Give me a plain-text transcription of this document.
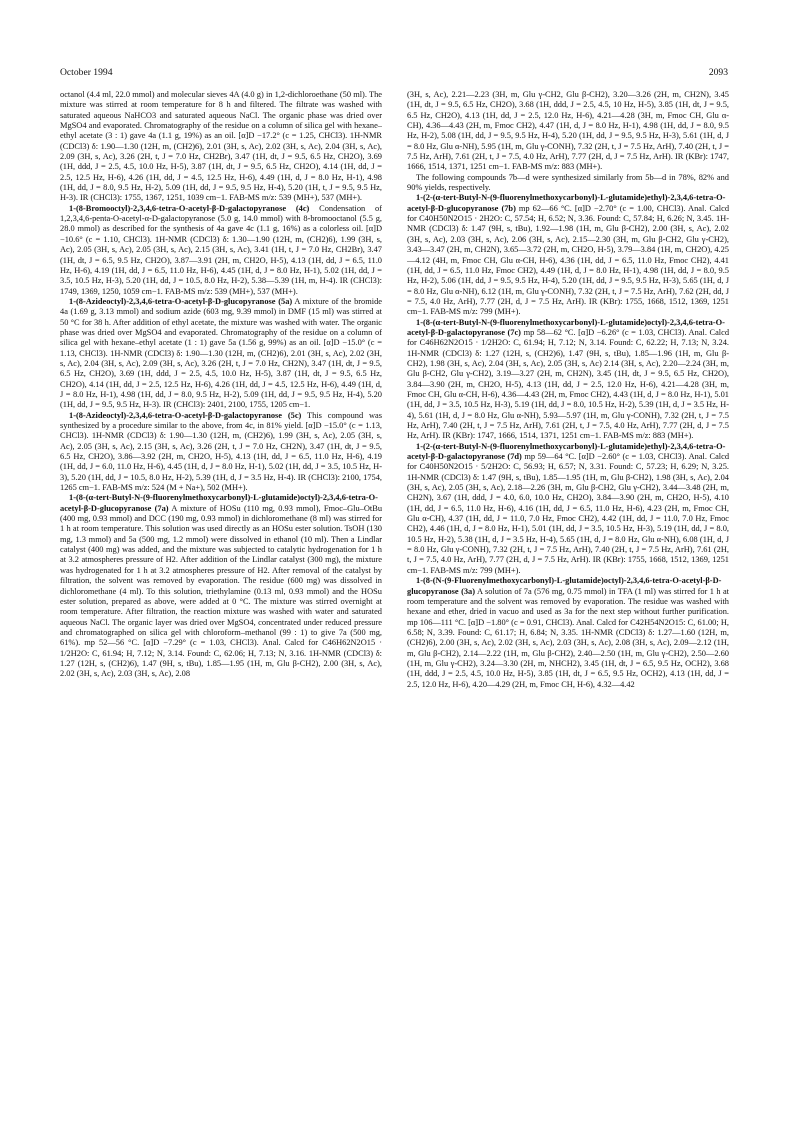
October 1994	2093

octanol (4.4 ml, 22.0 mmol) and molecular sieves 4A (4.0 g) in 1,2-dichloroethane (50 ml). The mixture was stirred at room temperature for 8 h and filtered. The filtrate was washed with saturated aqueous NaHCO3 and saturated aqueous NaCl. The organic phase was dried over MgSO4 and evaporated. Chromatography of the residue on a column of silica gel with hexane–ethyl acetate (3 : 1) gave 4a (1.1 g, 19%) as an oil. [α]D −17.2° (c = 1.25, CHCl3). 1H-NMR (CDCl3) δ: 1.90—1.30 (12H, m, (CH2)6), 2.01 (3H, s, Ac), 2.02 (3H, s, Ac), 2.04 (3H, s, Ac), 2.09 (3H, s, Ac), 3.26 (2H, t, J = 7.0 Hz, CH2Br), 3.47 (1H, dt, J = 9.5, 6.5 Hz, CH2O), 3.69 (1H, ddd, J = 2.5, 4.5, 10.0 Hz, H-5), 3.87 (1H, dt, J = 9.5, 6.5 Hz, CH2O), 4.14 (1H, dd, J = 2.5, 12.5 Hz, H-6), 4.26 (1H, dd, J = 4.5, 12.5 Hz, H-6), 4.49 (1H, d, J = 8.0 Hz, H-1), 4.98 (1H, dd, J = 8.0, 9.5 Hz, H-2), 5.09 (1H, dd, J = 9.5, 9.5 Hz, H-4), 5.20 (1H, t, J = 9.5, 9.5 Hz, H-3). IR (CHCl3): 1755, 1367, 1251, 1039 cm−1. FAB-MS m/z: 539 (MH+), 537 (MH+).

1-(8-Bromooctyl)-2,3,4,6-tetra-O-acetyl-β-D-galactopyranose (4c) Condensation of 1,2,3,4,6-penta-O-acetyl-α-D-galactopyranose (5.0 g, 14.0 mmol) with 8-bromooctanol (5.5 g, 28.0 mmol) as described for the synthesis of 4a gave 4c (1.1 g, 16%) as a colorless oil. [α]D −10.6° (c = 1.10, CHCl3). 1H-NMR (CDCl3) δ: 1.30—1.90 (12H, m, (CH2)6), 1.99 (3H, s, Ac), 2.05 (3H, s, Ac), 2.05 (3H, s, Ac), 2.15 (3H, s, Ac), 3.41 (1H, t, J = 7.0 Hz, CH2Br), 3.47 (1H, dt, J = 6.5, 9.5 Hz, CH2O), 3.87—3.91 (2H, m, CH2O, H-5), 4.13 (1H, dd, J = 6.5, 11.0 Hz, H-6), 4.19 (1H, dd, J = 6.5, 11.0 Hz, H-6), 4.45 (1H, d, J = 8.0 Hz, H-1), 5.02 (1H, dd, J = 3.5, 10.5 Hz, H-3), 5.20 (1H, dd, J = 10.5, 8.0 Hz, H-2), 5.38—5.39 (1H, m, H-4). IR (CHCl3): 1749, 1369, 1250, 1059 cm−1. FAB-MS m/z: 539 (MH+), 537 (MH+).

1-(8-Azideoctyl)-2,3,4,6-tetra-O-acetyl-β-D-glucopyranose (5a) A mixture of the bromide 4a (1.69 g, 3.13 mmol) and sodium azide (603 mg, 9.39 mmol) in DMF (15 ml) was stirred at 50 °C for 38 h. After addition of ethyl acetate, the mixture was washed with water. The organic phase was dried over MgSO4 and evaporated. Chromatography of the residue on a column of silica gel with hexane–ethyl acetate (1 : 1) gave 5a (1.56 g, 99%) as an oil. [α]D −15.0° (c = 1.13, CHCl3). 1H-NMR (CDCl3) δ: 1.90—1.30 (12H, m, (CH2)6), 2.01 (3H, s, Ac), 2.02 (3H, s, Ac), 2.04 (3H, s, Ac), 2.09 (3H, s, Ac), 3.26 (2H, t, J = 7.0 Hz, CH2N), 3.47 (1H, dt, J = 9.5, 6.5 Hz, CH2O), 3.69 (1H, ddd, J = 2.5, 4.5, 10.0 Hz, H-5), 3.87 (1H, dt, J = 9.5, 6.5 Hz, CH2O), 4.14 (1H, dd, J = 2.5, 12.5 Hz, H-6), 4.26 (1H, dd, J = 4.5, 12.5 Hz, H-6), 4.49 (1H, d, J = 8.0 Hz, H-1), 4.98 (1H, dd, J = 8.0, 9.5 Hz, H-2), 5.09 (1H, dd, J = 9.5, 9.5 Hz, H-4), 5.20 (1H, dd, J = 9.5, 9.5 Hz, H-3). IR (CHCl3): 2401, 2100, 1755, 1205 cm−1.

1-(8-Azideoctyl)-2,3,4,6-tetra-O-acetyl-β-D-galactopyranose (5c) This compound was synthesized by a procedure similar to the above, from 4c, in 81% yield. [α]D −15.0° (c = 1.13, CHCl3). 1H-NMR (CDCl3) δ: 1.90—1.30 (12H, m, (CH2)6), 1.99 (3H, s, Ac), 2.05 (3H, s, Ac), 2.05 (3H, s, Ac), 2.15 (3H, s, Ac), 3.26 (2H, t, J = 7.0 Hz, CH2N), 3.47 (1H, dt, J = 9.5, 6.5 Hz, CH2O), 3.86—3.92 (2H, m, CH2O, H-5), 4.13 (1H, dd, J = 6.5, 11.0 Hz, H-6), 4.19 (1H, dd, J = 6.0, 11.0 Hz, H-6), 4.45 (1H, d, J = 8.0 Hz, H-1), 5.02 (1H, dd, J = 3.5, 10.5 Hz, H-3), 5.20 (1H, dd, J = 10.5, 8.0 Hz, H-2), 5.39 (1H, d, J = 3.5 Hz, H-4). IR (CHCl3): 2100, 1754, 1265 cm−1. FAB-MS m/z: 524 (M + Na+), 502 (MH+).

1-(8-(α-tert-Butyl-N-(9-fluorenylmethoxycarbonyl)-L-glutamide)octyl)-2,3,4,6-tetra-O-acetyl-β-D-glucopyranose (7a) A mixture of HOSu (110 mg, 0.93 mmol), Fmoc–Glu–OtBu (400 mg, 0.93 mmol) and DCC (190 mg, 0.93 mmol) in dichloromethane (8 ml) was stirred for 1 h at room temperature. This solution was used directly as an HOSu ester solution. TsOH (130 mg, 1.3 mmol) and 5a (500 mg, 1.2 mmol) were dissolved in ethanol (10 ml). Then a Lindlar catalyst (400 mg) was added, and the mixture was subjected to catalytic hydrogenation for 1 h at 3.2 atmospheres pressure of H2. After addition of the Lindlar catalyst (300 mg), the mixture was hydrogenated for 1 h at 3.2 atmospheres pressure of H2. After removal of the catalyst by filtration, the solvent was removed by evaporation. The residue (600 mg) was dissolved in dichloromethane (4 ml). To this solution, triethylamine (0.13 ml, 0.93 mmol) and the HOSu ester solution, prepared as above, were added at 0 °C. The mixture was stirred overnight at room temperature. After filtration, the reaction mixture was washed with water and saturated aqueous NaCl. The organic layer was dried over MgSO4, concentrated under reduced pressure and chromatographed on silica gel with chloroform–methanol (99 : 1) to give 7a (500 mg, 61%). mp 52—56 °C. [α]D −7.29° (c = 1.03, CHCl3). Anal. Calcd for C46H62N2O15 · 1/2H2O: C, 61.94; H, 7.12; N, 3.14. Found: C, 62.06; H, 7.13; N, 3.16. 1H-NMR (CDCl3) δ: 1.27 (12H, s, (CH2)6), 1.47 (9H, s, tBu), 1.85—1.95 (1H, m, Glu β-CH2), 2.00 (3H, s, Ac), 2.02 (3H, s, Ac), 2.03 (3H, s, Ac), 2.08

(3H, s, Ac), 2.21—2.23 (3H, m, Glu γ-CH2, Glu β-CH2), 3.20—3.26 (2H, m, CH2N), 3.45 (1H, dt, J = 9.5, 6.5 Hz, CH2O), 3.68 (1H, ddd, J = 2.5, 4.5, 10 Hz, H-5), 3.85 (1H, dt, J = 9.5, 6.5 Hz, CH2O), 4.13 (1H, dd, J = 2.5, 12.0 Hz, H-6), 4.21—4.28 (3H, m, Fmoc CH, Glu α-CH), 4.36—4.43 (2H, m, Fmoc CH2), 4.47 (1H, d, J = 8.0 Hz, H-1), 4.98 (1H, dd, J = 8.0, 9.5 Hz, H-2), 5.08 (1H, dd, J = 9.5, 9.5 Hz, H-4), 5.20 (1H, dd, J = 9.5, 9.5 Hz, H-3), 5.61 (1H, d, J = 8.0 Hz, Glu α-NH), 5.95 (1H, m, Glu γ-CONH), 7.32 (2H, t, J = 7.5 Hz, ArH), 7.40 (2H, t, J = 7.5 Hz, ArH), 7.61 (2H, t, J = 7.5, 4.0 Hz, ArH), 7.77 (2H, d, J = 7.5 Hz, ArH). IR (KBr): 1747, 1666, 1514, 1371, 1251 cm−1. FAB-MS m/z: 883 (MH+).

The following compounds 7b—d were synthesized similarly from 5b—d in 78%, 82% and 90% yields, respectively.

1-(2-(α-tert-Butyl-N-(9-fluorenylmethoxycarbonyl)-L-glutamide)ethyl)-2,3,4,6-tetra-O-acetyl-β-D-glucopyranose (7b) mp 62—66 °C. [α]D −2.70° (c = 1.00, CHCl3). Anal. Calcd for C40H50N2O15 · 2H2O: C, 57.54; H, 6.52; N, 3.36. Found: C, 57.84; H, 6.26; N, 3.45. 1H-NMR (CDCl3) δ: 1.47 (9H, s, tBu), 1.92—1.98 (1H, m, Glu β-CH2), 2.00 (3H, s, Ac), 2.02 (3H, s, Ac), 2.03 (3H, s, Ac), 2.06 (3H, s, Ac), 2.15—2.30 (3H, m, Glu β-CH2, Glu γ-CH2), 3.43—3.47 (2H, m, CH2N), 3.65—3.72 (2H, m, CH2O, H-5), 3.79—3.84 (1H, m, CH2O), 4.25—4.12 (4H, m, Fmoc CH, Glu α-CH, H-6), 4.36 (1H, dd, J = 6.5, 11.0 Hz, Fmoc CH2), 4.41 (1H, dd, J = 6.5, 11.0 Hz, Fmoc CH2), 4.49 (1H, d, J = 8.0 Hz, H-1), 4.98 (1H, dd, J = 8.0, 9.5 Hz, H-2), 5.06 (1H, dd, J = 9.5, 9.5 Hz, H-4), 5.20 (1H, dd, J = 9.5, 9.5 Hz, H-3), 5.65 (1H, d, J = 8.0 Hz, Glu α-NH), 6.12 (1H, m, Glu γ-CONH), 7.32 (2H, t, J = 7.5 Hz, ArH), 7.62 (2H, dd, J = 7.5, 4.0 Hz, ArH), 7.77 (2H, d, J = 7.5 Hz, ArH). IR (KBr): 1755, 1668, 1512, 1369, 1251 cm−1. FAB-MS m/z: 799 (MH+).

1-(8-(α-tert-Butyl-N-(9-fluorenylmethoxycarbonyl)-L-glutamide)octyl)-2,3,4,6-tetra-O-acetyl-β-D-galactopyranose (7c) mp 58—62 °C. [α]D −6.26° (c = 1.03, CHCl3). Anal. Calcd for C46H62N2O15 · 1/2H2O: C, 61.94; H, 7.12; N, 3.14. Found: C, 62.22; H, 7.13; N, 3.24. 1H-NMR (CDCl3) δ: 1.27 (12H, s, (CH2)6), 1.47 (9H, s, tBu), 1.85—1.96 (1H, m, Glu β-CH2), 1.98 (3H, s, Ac), 2.04 (3H, s, Ac), 2.05 (3H, s, Ac) 2.14 (3H, s, Ac), 2.20—2.24 (3H, m, Glu β-CH2, Glu γ-CH2), 3.19—3.27 (2H, m, CH2N), 3.45 (1H, dt, J = 9.5, 6.5 Hz, CH2O), 3.84—3.90 (2H, m, CH2O, H-5), 4.13 (1H, dd, J = 2.5, 12.0 Hz, H-6), 4.21—4.28 (3H, m, Fmoc CH, Glu α-CH, H-6), 4.36—4.43 (2H, m, Fmoc CH2), 4.43 (1H, d, J = 8.0 Hz, H-1), 5.01 (1H, dd, J = 3.5, 10.5 Hz, H-3), 5.19 (1H, dd, J = 8.0, 10.5 Hz, H-2), 5.39 (1H, d, J = 3.5 Hz, H-4), 5.61 (1H, d, J = 8.0 Hz, Glu α-NH), 5.93—5.97 (1H, m, Glu γ-CONH), 7.32 (2H, t, J = 7.5 Hz, ArH), 7.40 (2H, t, J = 7.5 Hz, ArH), 7.61 (2H, t, J = 7.5, 4.0 Hz, ArH), 7.77 (2H, d, J = 7.5 Hz, ArH). IR (KBr): 1747, 1666, 1514, 1371, 1251 cm−1. FAB-MS m/z: 883 (MH+).

1-(2-(α-tert-Butyl-N-(9-fluorenylmethoxycarbonyl)-L-glutamide)ethyl)-2,3,4,6-tetra-O-acetyl-β-D-galactopyranose (7d) mp 59—64 °C. [α]D −2.60° (c = 1.03, CHCl3). Anal. Calcd for C40H50N2O15 · 5/2H2O: C, 56.93; H, 6.57; N, 3.31. Found: C, 57.23; H, 6.29; N, 3.25. 1H-NMR (CDCl3) δ: 1.47 (9H, s, tBu), 1.85—1.95 (1H, m, Glu β-CH2), 1.98 (3H, s, Ac), 2.04 (3H, s, Ac), 2.05 (3H, s, Ac), 2.18—2.26 (3H, m, Glu β-CH2, Glu γ-CH2), 3.44—3.48 (2H, m, CH2N), 3.67 (1H, ddd, J = 4.0, 6.0, 10.0 Hz, CH2O), 3.84—3.90 (2H, m, CH2O, H-5), 4.10 (1H, dd, J = 6.5, 11.0 Hz, H-6), 4.16 (1H, dd, J = 6.5, 11.0 Hz, H-6), 4.23 (2H, m, Fmoc CH, Glu α-CH), 4.37 (1H, dd, J = 11.0, 7.0 Hz, Fmoc CH2), 4.42 (1H, dd, J = 11.0, 7.0 Hz, Fmoc CH2), 4.46 (1H, d, J = 8.0 Hz, H-1), 5.01 (1H, dd, J = 3.5, 10.5 Hz, H-3), 5.19 (1H, dd, J = 8.0, 10.5 Hz, H-2), 5.38 (1H, d, J = 3.5 Hz, H-4), 5.65 (1H, d, J = 8.0 Hz, Glu α-NH), 6.08 (1H, d, J = 8.0 Hz, Glu γ-CONH), 7.32 (2H, t, J = 7.5 Hz, ArH), 7.40 (2H, t, J = 7.5 Hz, ArH), 7.61 (2H, t, J = 7.5, 4.0 Hz, ArH), 7.77 (2H, d, J = 7.5 Hz, ArH). IR (KBr): 1755, 1668, 1512, 1369, 1251 cm−1. FAB-MS m/z: 799 (MH+).

1-(8-(N-(9-Fluorenylmethoxycarbonyl)-L-glutamide)octyl)-2,3,4,6-tetra-O-acetyl-β-D-glucopyranose (3a) A solution of 7a (576 mg, 0.75 mmol) in TFA (1 ml) was stirred for 1 h at room temperature and the solvent was removed by evaporation. The residue was washed with hexane and ether, dried in vacuo and used as 3a for the next step without further purification. mp 106—111 °C. [α]D −1.80° (c = 0.91, CHCl3). Anal. Calcd for C42H54N2O15: C, 61.00; H, 6.58; N, 3.39. Found: C, 61.17; H, 6.84; N, 3.35. 1H-NMR (CDCl3) δ: 1.27—1.60 (12H, m, (CH2)6), 2.00 (3H, s, Ac), 2.02 (3H, s, Ac), 2.03 (3H, s, Ac), 2.08 (3H, s, Ac), 2.09—2.12 (1H, m, Glu β-CH2), 2.14—2.22 (1H, m, Glu β-CH2), 2.40—2.50 (1H, m, Glu γ-CH2), 2.50—2.60 (1H, m, Glu γ-CH2), 3.24—3.30 (2H, m, NHCH2), 3.45 (1H, dt, J = 6.5, 9.5 Hz, OCH2), 3.68 (1H, ddd, J = 2.5, 4.5, 10.0 Hz, H-5), 3.85 (1H, dt, J = 6.5, 9.5 Hz, OCH2), 4.13 (1H, dd, J = 2.5, 12.0 Hz, H-6), 4.20—4.29 (2H, m, Fmoc CH, H-6), 4.32—4.42
